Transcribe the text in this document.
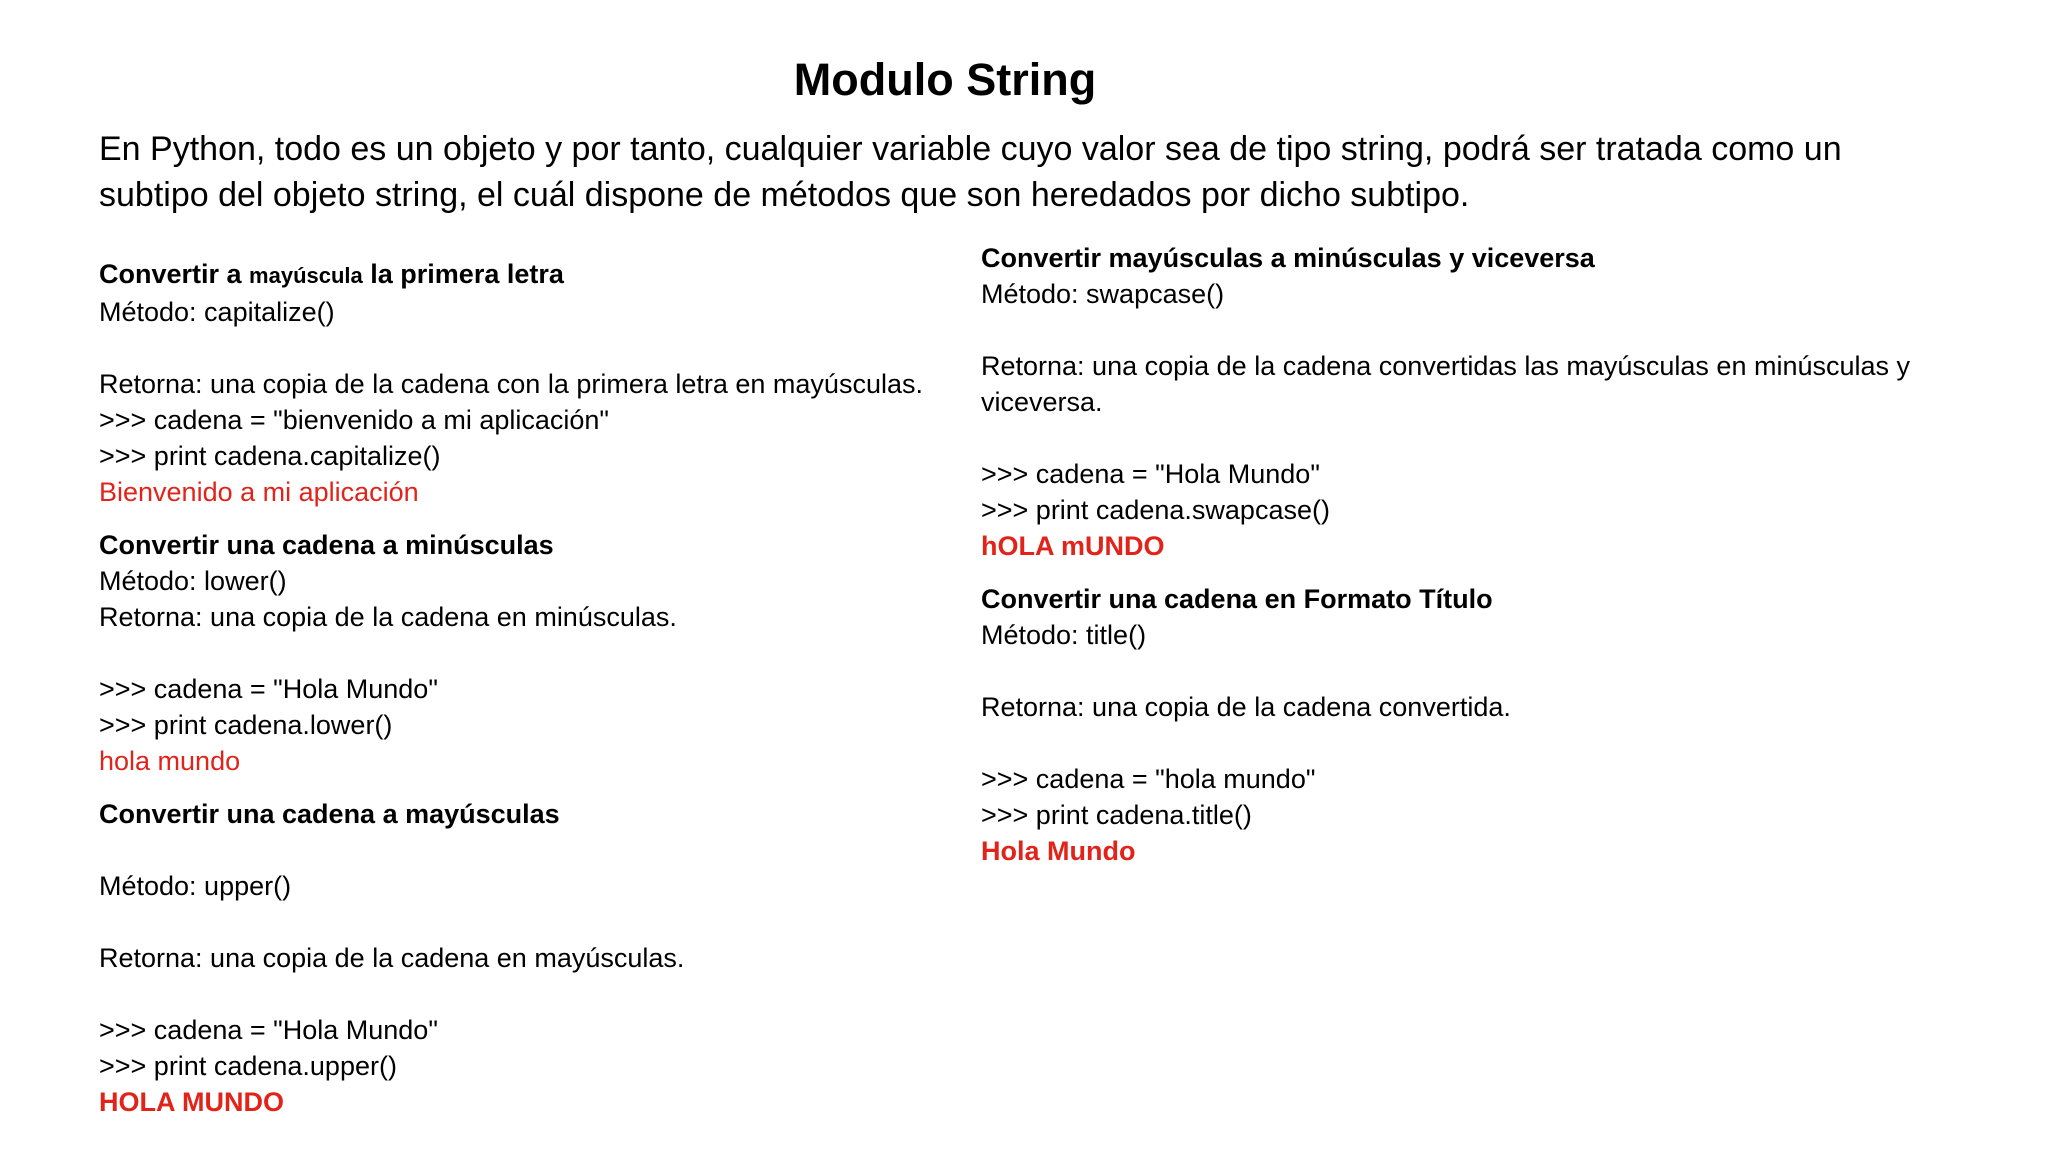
Modulo String
En Python, todo es un objeto y por tanto, cualquier variable cuyo valor sea de tipo string, podrá ser tratada como un
subtipo del objeto string, el cuál dispone de métodos que son heredados por dicho subtipo.
Convertir a mayúscula la primera letra
Método: capitalize()
Retorna: una copia de la cadena con la primera letra en mayúsculas.
>>> cadena = "bienvenido a mi aplicación"
>>> print cadena.capitalize()
Bienvenido a mi aplicación
Convertir una cadena a minúsculas
Método: lower()
Retorna: una copia de la cadena en minúsculas.
>>> cadena = "Hola Mundo"
>>> print cadena.lower()
hola mundo
Convertir una cadena a mayúsculas
Método: upper()
Retorna: una copia de la cadena en mayúsculas.
>>> cadena = "Hola Mundo"
>>> print cadena.upper()
HOLA MUNDO
Convertir mayúsculas a minúsculas y viceversa
Método: swapcase()
Retorna: una copia de la cadena convertidas las mayúsculas en minúsculas y
viceversa.
>>> cadena = "Hola Mundo"
>>> print cadena.swapcase()
hOLA mUNDO
Convertir una cadena en Formato Título
Método: title()
Retorna: una copia de la cadena convertida.
>>> cadena = "hola mundo"
>>> print cadena.title()
Hola Mundo
